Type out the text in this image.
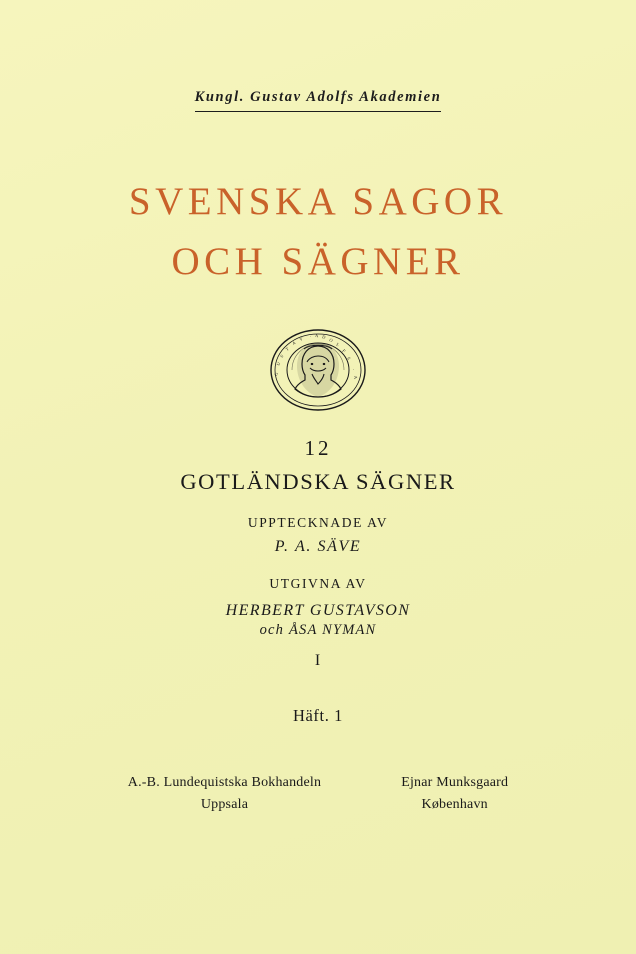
Kungl. Gustav Adolfs Akademien
SVENSKA SAGOR
OCH SÄGNER
G
U
S
T
A
V · A D
O
L
F
S
·
A
12
GOTLÄNDSKA SÄGNER
UPPTECKNADE AV
P. A. SÄVE
UTGIVNA AV
HERBERT GUSTAVSON
och ÅSA NYMAN
I
Häft. 1
A.-B. Lundequistska Bokhandeln
Uppsala
Ejnar Munksgaard
København
